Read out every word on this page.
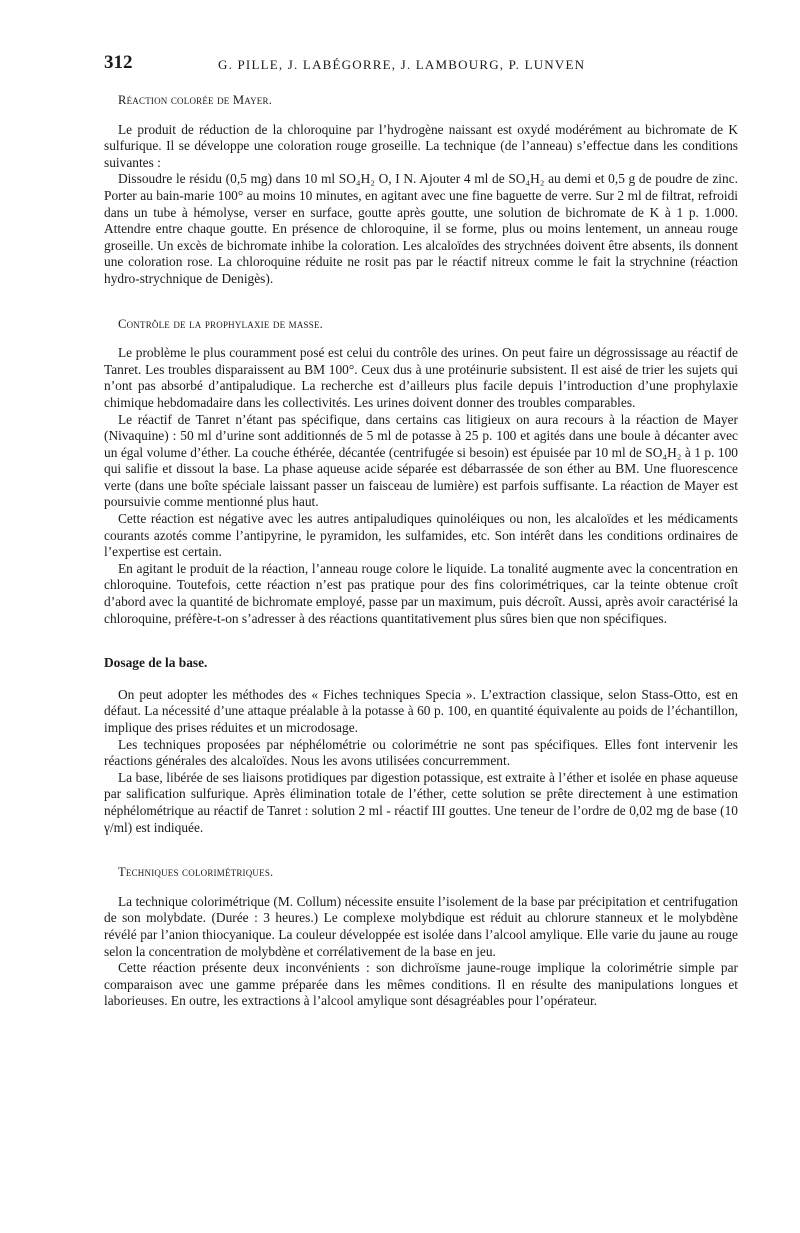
312	G. PILLE, J. LABÉGORRE, J. LAMBOURG, P. LUNVEN
Réaction colorée de Mayer.

Le produit de réduction de la chloroquine par l’hydrogène naissant est oxydé modérément au bichromate de K sulfurique. Il se développe une coloration rouge groseille. La technique (de l’anneau) s’effectue dans les conditions suivantes :

Dissoudre le résidu (0,5 mg) dans 10 ml SO₄H₂ O, I N. Ajouter 4 ml de SO₄H₂ au demi et 0,5 g de poudre de zinc. Porter au bain-marie 100° au moins 10 minutes, en agitant avec une fine baguette de verre. Sur 2 ml de filtrat, refroidi dans un tube à hémolyse, verser en surface, goutte après goutte, une solution de bichromate de K à 1 p. 1.000. Attendre entre chaque goutte. En présence de chloroquine, il se forme, plus ou moins lentement, un anneau rouge groseille. Un excès de bichromate inhibe la coloration. Les alcaloïdes des strychnées doivent être absents, ils donnent une coloration rose. La chloroquine réduite ne rosit pas par le réactif nitreux comme le fait la strychnine (réaction hydro-strychnique de Denigès).

Contrôle de la prophylaxie de masse.

Le problème le plus couramment posé est celui du contrôle des urines. On peut faire un dégrossissage au réactif de Tanret. Les troubles disparaissent au BM 100°. Ceux dus à une protéinurie subsistent. Il est aisé de trier les sujets qui n’ont pas absorbé d’antipaludique. La recherche est d’ailleurs plus facile depuis l’introduction d’une prophylaxie chimique hebdomadaire dans les collectivités. Les urines doivent donner des troubles comparables.

Le réactif de Tanret n’étant pas spécifique, dans certains cas litigieux on aura recours à la réaction de Mayer (Nivaquine) : 50 ml d’urine sont additionnés de 5 ml de potasse à 25 p. 100 et agités dans une boule à décanter avec un égal volume d’éther. La couche éthérée, décantée (centrifugée si besoin) est épuisée par 10 ml de SO₄H₂ à 1 p. 100 qui salifie et dissout la base. La phase aqueuse acide séparée est débarrassée de son éther au BM. Une fluorescence verte (dans une boîte spéciale laissant passer un faisceau de lumière) est parfois suffisante. La réaction de Mayer est poursuivie comme mentionné plus haut.

Cette réaction est négative avec les autres antipaludiques quinoléiques ou non, les alcaloïdes et les médicaments courants azotés comme l’antipyrine, le pyramidon, les sulfamides, etc. Son intérêt dans les conditions ordinaires de l’expertise est certain.

En agitant le produit de la réaction, l’anneau rouge colore le liquide. La tonalité augmente avec la concentration en chloroquine. Toutefois, cette réaction n’est pas pratique pour des fins colorimétriques, car la teinte obtenue croît d’abord avec la quantité de bichromate employé, passe par un maximum, puis décroît. Aussi, après avoir caractérisé la chloroquine, préfère-t-on s’adresser à des réactions quantitativement plus sûres bien que non spécifiques.

Dosage de la base.

On peut adopter les méthodes des « Fiches techniques Specia ». L’extraction classique, selon Stass-Otto, est en défaut. La nécessité d’une attaque préalable à la potasse à 60 p. 100, en quantité équivalente au poids de l’échantillon, implique des prises réduites et un microdosage.

Les techniques proposées par néphélométrie ou colorimétrie ne sont pas spécifiques. Elles font intervenir les réactions générales des alcaloïdes. Nous les avons utilisées concurremment.

La base, libérée de ses liaisons protidiques par digestion potassique, est extraite à l’éther et isolée en phase aqueuse par salification sulfurique. Après élimination totale de l’éther, cette solution se prête directement à une estimation néphélométrique au réactif de Tanret : solution 2 ml - réactif III gouttes. Une teneur de l’ordre de 0,02 mg de base (10 γ/ml) est indiquée.

Techniques colorimétriques.

La technique colorimétrique (M. Collum) nécessite ensuite l’isolement de la base par précipitation et centrifugation de son molybdate. (Durée : 3 heures.) Le complexe molybdique est réduit au chlorure stanneux et le molybdène révélé par l’anion thiocyanique. La couleur développée est isolée dans l’alcool amylique. Elle varie du jaune au rouge selon la concentration de molybdène et corrélativement de la base en jeu.

Cette réaction présente deux inconvénients : son dichroïsme jaune-rouge implique la colorimétrie simple par comparaison avec une gamme préparée dans les mêmes conditions. Il en résulte des manipulations longues et laborieuses. En outre, les extractions à l’alcool amylique sont désagréables pour l’opérateur.
